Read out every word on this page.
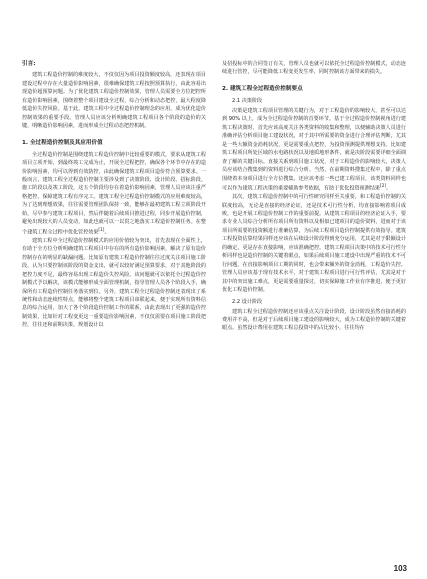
引言:

建筑工程造价控制的难度较大，不仅仅因为项目投资额度较高，还表现在项目建设过程中存在大量造价影响因素，很难确保建筑工程按照预算执行，由此容易出现造价超预算问题。为了优化建筑工程造价控制效果，管理人员需要全方位把控所有造价影响因素，围绕着整个项目建设全过程，综合分析和动态把控，最大程度降低造价失控风险。基于此，建筑工程中全过程造价控制理念的应用，成为优化造价控制效果的重要手段。管理人员应该分析明确建筑工程项目各个阶段的造价的关键，明晰造价影响因素，进而形成全过程动态把控机制。

1. 全过程造价控制及其应用价值

全过程造价控制是围绕建筑工程造价控制中比较重要的模式，要求从建筑工程项目立项开始，到最终竣工完成为止，开展全过程把控，确保各个环节中存在的造价影响因素，均可以得到有效防控，由此确保建筑工程项目造价符合预算要求。一般而言，建筑工程全过程造价控制主要涉及到了决策阶段、设计阶段、招标阶段、施工阶段以及竣工阶段，这五个阶段均存在着造价影响因素，管理人员应该注重严格把控，保障建筑工程有序完工。建筑工程全过程造价控制模式的应用难度较高，为了达到理想效果，往往需要管理团队保持一致，能够在最初建筑工程立项阶段开始，尽早参与建筑工程项目，然后伴随着后续项目推进过程，同步开展造价控制，避免出现较大的人员变动，如此也就可以一以贯之地落实工程造价控制任务。在整个建筑工程全过程中优化管控效果[1]。

建筑工程中全过程造价控制模式的应用价值较为突出，首先表现在全面性上，有助于全方位分析明确建筑工程项目中存在的所有造价影响因素，解决了原有造价控制存在的明显的缺漏问题。比如原有建筑工程造价控制往往过度关注项目施工阶段，认为只要控制该阶段的资金支出，就可以较好满足预算要求，对于其他阶段的把控力度不足，最终容易出现工程造价失控风险。该问题就可以依托全过程造价控制模式予以解决，该模式能够形成全面管理机制，指导管理人员各个阶段入手，确保所有工程造价控制任务落实到位。另外，建筑工程全过程造价控制还表现出了系统性和动态连续性特点，能够将整个建筑工程项目串联起来，便于实现所有资料信息的综合运用，加大了各个阶段造价控制工作的联系，由此表现出了更强的造价控制效果，比如针对工程变更这一重要造价影响因素，不仅仅需要在项目施工阶段把控，往往还和前期决策、规划设计以

及招投标中的合同签订有关，管理人员也就可以依托全过程造价控制模式，动态连续进行管控，尽可能降低工程变更发生率，同时控制该方面带来的损失。

2. 建筑工程全过程造价控制要点
2.1 决策阶段

决策是建筑工程项目管理的关键行为，对于工程造价的影响较大，甚至可以达到 90% 以上，成为全过程造价控制的首要环节。基于全过程造价控制视角进行建筑工程决策时，首先应该高度关注各类资料的收集和整理，以便辅助决策人员进行准确评估分析项目施工建设状况，对于其中所需要的资金进行合理评估判断，尤其是一些大额资金消耗状况，更是需要重点把控，为投资预测提供理想支持。比如建筑工程项目所处区域的水电路状况以及地质地形条件，就是决阶段需要详细全面调查了解的关键目标。直接关系到项目施工状况，对于工程造价的影响较大，决策人员应该结合搜集到的资料进行综合分析。当然，在前期资料搜集过程中，除了重点围绕着本身项目进行全方位搜集，还应该考虑一些已建工程项目，该类资料同样也可以作为建筑工程决策的重要辅助参考依据，有助于优化投资预测结果[2]。

其次，建筑工程造价控制中的可行性研究同样至关重要，和工程造价控制的关联度较高，无论是直接的经济论证，还是技术可行性分析，均直接影响着项目成败，也是开展工程造价控制工作的重要前提。从建筑工程项目的经济论证入手，要求专业人员综合分析所有项目所有资料以及相似已建项目的造价资料，进而对于该项目所需要的投资额进行准确估算，为后续工程项目造价控制提供有效指导。建筑工程投资估算结果同样还应该在后续设计阶段得到充分运用，尤其是对于限额设计的确定，更是存在直接影响，应该准确把控。建筑工程项目决策中的技术可行性分析同样也是造价控制的关键着眼点，如果后续项目施工建设中出现严重的技术不可行问题，在直接影响项目工期的同时，也会带来额外的资金消耗，工程造价失控。管理人员应该基于现有技术水平，对于建筑工程项目进行可行性评估，尤其是对于其中的突出施工难点，更是需要重量探讨，切实保障施工作业有序推进，便于更好优化工程造价控制。

2.2 设计阶段

建筑工程全过程造价控制还应该重点关注设计阶段，设计阶段虽然直接消耗的费用并不高，但是对于后续项目施工建设的影响较大，成为工程造价控制的关键着眼点。虽然设计费用在建筑工程总投资中的占比较小，往往均在

103
